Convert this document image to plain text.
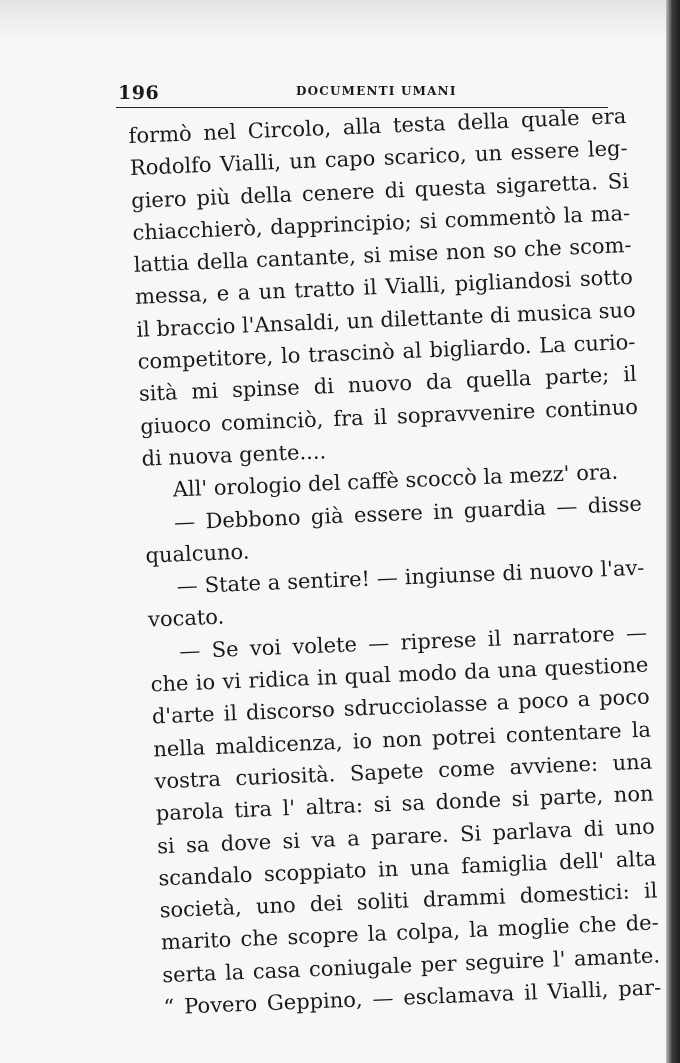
196	DOCUMENTI UMANI
formò nel Circolo, alla testa della quale era
Rodolfo Vialli, un capo scarico, un essere leg-
giero più della cenere di questa sigaretta. Si
chiacchierò, dapprincipio; si commentò la ma-
lattia della cantante, si mise non so che scom-
messa, e a un tratto il Vialli, pigliandosi sotto
il braccio l'Ansaldi, un dilettante di musica suo
competitore, lo trascinò al bigliardo. La curio-
sità mi spinse di nuovo da quella parte; il
giuoco cominciò, fra il sopravvenire continuo
di nuova gente....
All' orologio del caffè scoccò la mezz' ora.
— Debbono già essere in guardia — disse
qualcuno.
— State a sentire! — ingiunse di nuovo l'av-
vocato.
— Se voi volete — riprese il narratore —
che io vi ridica in qual modo da una questione
d'arte il discorso sdrucciolasse a poco a poco
nella maldicenza, io non potrei contentare la
vostra curiosità. Sapete come avviene: una
parola tira l' altra: si sa donde si parte, non
si sa dove si va a parare. Si parlava di uno
scandalo scoppiato in una famiglia dell' alta
società, uno dei soliti drammi domestici: il
marito che scopre la colpa, la moglie che de-
serta la casa coniugale per seguire l' amante.
“ Povero Geppino, — esclamava il Vialli, par-
